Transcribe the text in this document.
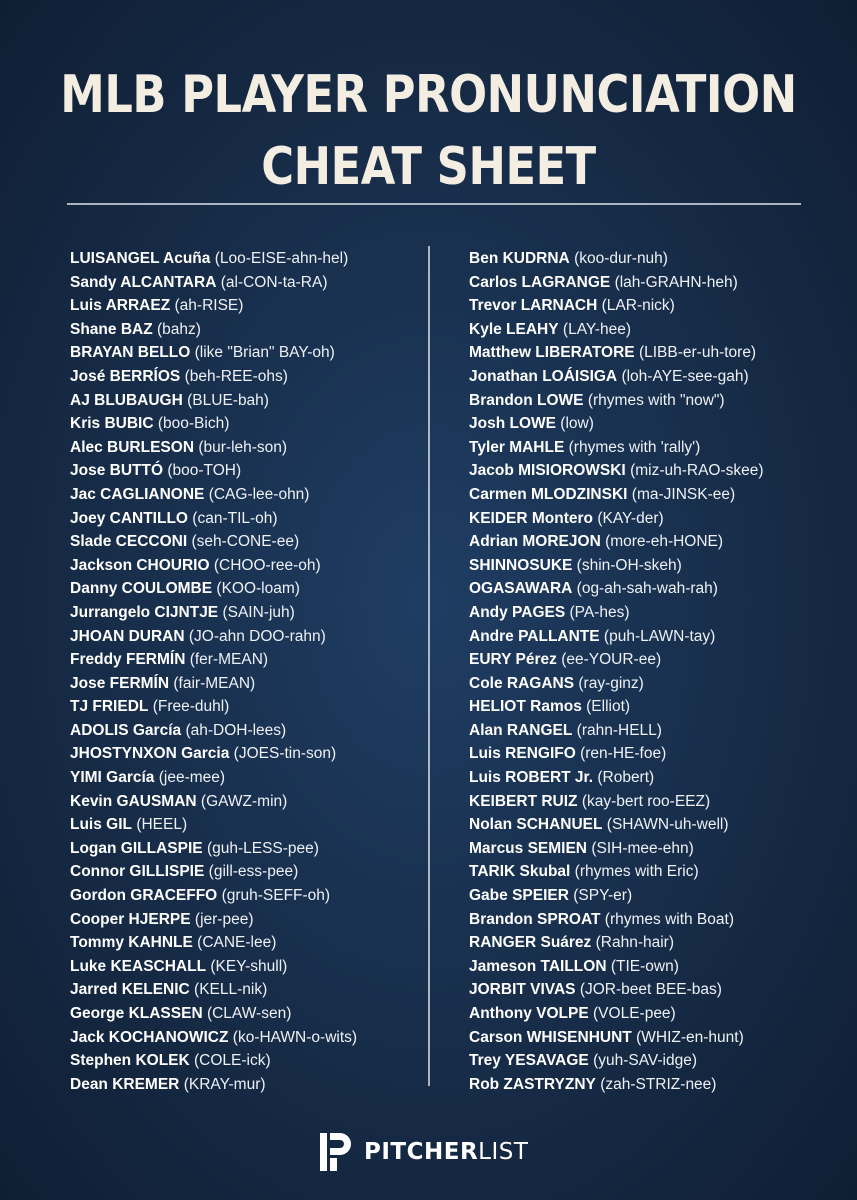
MLB PLAYER PRONUNCIATION
CHEAT SHEET
LUISANGEL Acuña (Loo-EISE-ahn-hel)
Sandy ALCANTARA (al-CON-ta-RA)
Luis ARRAEZ (ah-RISE)
Shane BAZ (bahz)
BRAYAN BELLO (like "Brian" BAY-oh)
José BERRÍOS (beh-REE-ohs)
AJ BLUBAUGH (BLUE-bah)
Kris BUBIC (boo-Bich)
Alec BURLESON (bur-leh-son)
Jose BUTTÓ (boo-TOH)
Jac CAGLIANONE (CAG-lee-ohn)
Joey CANTILLO (can-TIL-oh)
Slade CECCONI (seh-CONE-ee)
Jackson CHOURIO (CHOO-ree-oh)
Danny COULOMBE (KOO-loam)
Jurrangelo CIJNTJE (SAIN-juh)
JHOAN DURAN (JO-ahn DOO-rahn)
Freddy FERMÍN (fer-MEAN)
Jose FERMÍN (fair-MEAN)
TJ FRIEDL (Free-duhl)
ADOLIS García (ah-DOH-lees)
JHOSTYNXON Garcia (JOES-tin-son)
YIMI García (jee-mee)
Kevin GAUSMAN (GAWZ-min)
Luis GIL (HEEL)
Logan GILLASPIE (guh-LESS-pee)
Connor GILLISPIE (gill-ess-pee)
Gordon GRACEFFO (gruh-SEFF-oh)
Cooper HJERPE (jer-pee)
Tommy KAHNLE (CANE-lee)
Luke KEASCHALL (KEY-shull)
Jarred KELENIC (KELL-nik)
George KLASSEN (CLAW-sen)
Jack KOCHANOWICZ (ko-HAWN-o-wits)
Stephen KOLEK (COLE-ick)
Dean KREMER (KRAY-mur)
Ben KUDRNA (koo-dur-nuh)
Carlos LAGRANGE (lah-GRAHN-heh)
Trevor LARNACH (LAR-nick)
Kyle LEAHY (LAY-hee)
Matthew LIBERATORE (LIBB-er-uh-tore)
Jonathan LOÁISIGA (loh-AYE-see-gah)
Brandon LOWE (rhymes with "now")
Josh LOWE (low)
Tyler MAHLE (rhymes with 'rally')
Jacob MISIOROWSKI (miz-uh-RAO-skee)
Carmen MLODZINSKI (ma-JINSK-ee)
KEIDER Montero (KAY-der)
Adrian MOREJON (more-eh-HONE)
SHINNOSUKE (shin-OH-skeh)
OGASAWARA (og-ah-sah-wah-rah)
Andy PAGES (PA-hes)
Andre PALLANTE (puh-LAWN-tay)
EURY Pérez (ee-YOUR-ee)
Cole RAGANS (ray-ginz)
HELIOT Ramos (Elliot)
Alan RANGEL (rahn-HELL)
Luis RENGIFO (ren-HE-foe)
Luis ROBERT Jr. (Robert)
KEIBERT RUIZ (kay-bert roo-EEZ)
Nolan SCHANUEL (SHAWN-uh-well)
Marcus SEMIEN (SIH-mee-ehn)
TARIK Skubal (rhymes with Eric)
Gabe SPEIER (SPY-er)
Brandon SPROAT (rhymes with Boat)
RANGER Suárez (Rahn-hair)
Jameson TAILLON (TIE-own)
JORBIT VIVAS (JOR-beet BEE-bas)
Anthony VOLPE (VOLE-pee)
Carson WHISENHUNT (WHIZ-en-hunt)
Trey YESAVAGE (yuh-SAV-idge)
Rob ZASTRYZNY (zah-STRIZ-nee)
PITCHERLIST
